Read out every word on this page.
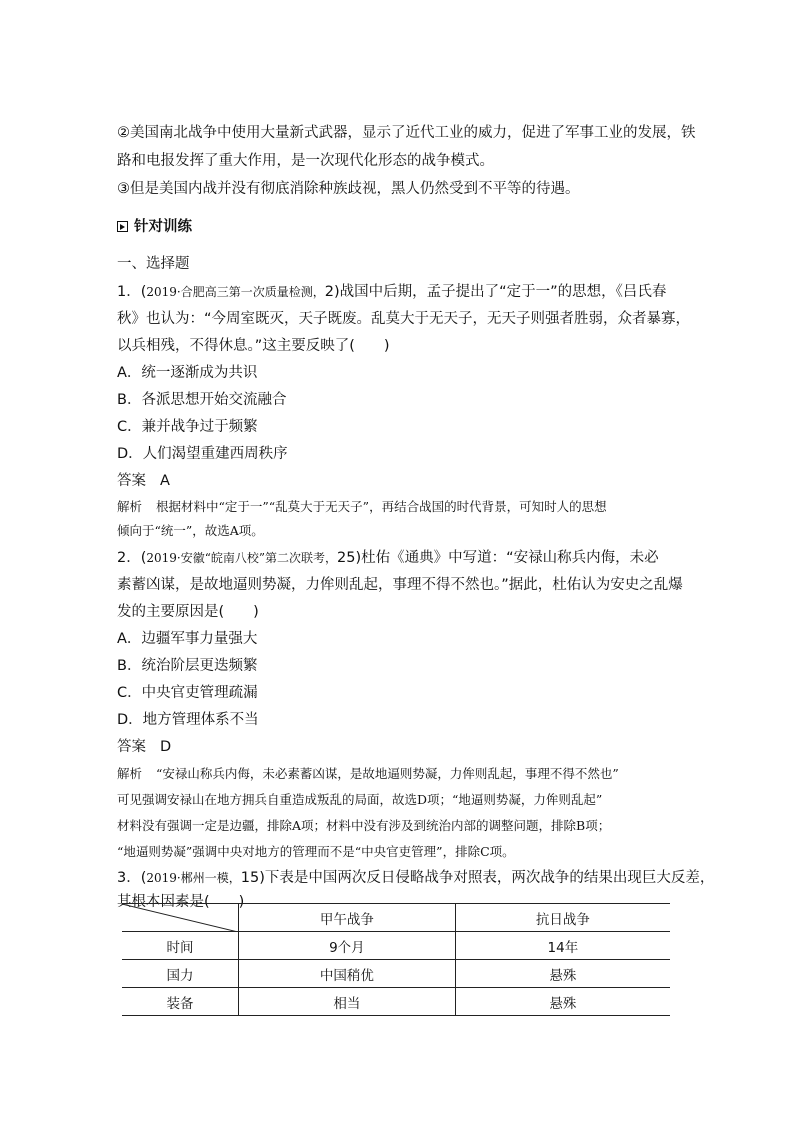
②美国南北战争中使用大量新式武器，显示了近代工业的威力，促进了军事工业的发展，铁
路和电报发挥了重大作用，是一次现代化形态的战争模式。
③但是美国内战并没有彻底消除种族歧视，黑人仍然受到不平等的待遇。
针对训练
一、选择题
1．(2019·合肥高三第一次质量检测，2)战国中后期，孟子提出了“定于一”的思想，《吕氏春
秋》也认为：“今周室既灭，天子既废。乱莫大于无天子，无天子则强者胜弱，众者暴寡，
以兵相残，不得休息。”这主要反映了(　　)
A．统一逐渐成为共识
B．各派思想开始交流融合
C．兼并战争过于频繁
D．人们渴望重建西周秩序
答案 A
解析 根据材料中“定于一”“乱莫大于无天子”，再结合战国的时代背景，可知时人的思想
倾向于“统一”，故选A项。
2．(2019·安徽“皖南八校”第二次联考，25)杜佑《通典》中写道：“安禄山称兵内侮，未必
素蓄凶谋，是故地逼则势凝，力侔则乱起，事理不得不然也。”据此，杜佑认为安史之乱爆
发的主要原因是(　　)
A．边疆军事力量强大
B．统治阶层更迭频繁
C．中央官吏管理疏漏
D．地方管理体系不当
答案 D
解析 “安禄山称兵内侮，未必素蓄凶谋，是故地逼则势凝，力侔则乱起，事理不得不然也”
可见强调安禄山在地方拥兵自重造成叛乱的局面，故选D项；“地逼则势凝，力侔则乱起”
材料没有强调一定是边疆，排除A项；材料中没有涉及到统治内部的调整问题，排除B项；
“地逼则势凝”强调中央对地方的管理而不是“中央官吏管理”，排除C项。
3．(2019·郴州一模，15)下表是中国两次反日侵略战争对照表，两次战争的结果出现巨大反差，
其根本因素是(　　)
	甲午战争	抗日战争
时间	9个月	14年
国力	中国稍优	悬殊
装备	相当	悬殊
